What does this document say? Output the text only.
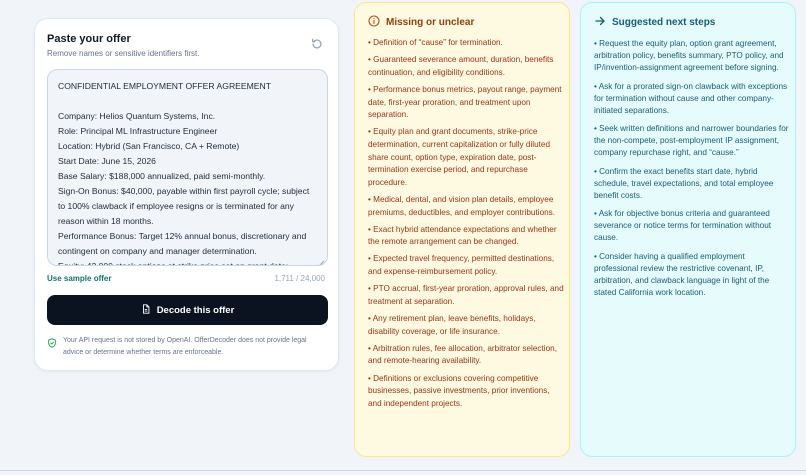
Paste your offer

Remove names or sensitive identifiers first.

CONFIDENTIAL EMPLOYMENT OFFER AGREEMENT Company: Helios Quantum Systems, Inc. Role: Principal ML Infrastructure Engineer Location: Hybrid (San Francisco, CA + Remote) Start Date: June 15, 2026 Base Salary: $188,000 annualized, paid semi-monthly. Sign-On Bonus: $40,000, payable within first payroll cycle; subject to 100% clawback if employee resigns or is terminated for any reason within 18 months. Performance Bonus: Target 12% annual bonus, discretionary and contingent on company and manager determination. Equity: 42,000 stock options at strike price set on grant date;
Use sample offer	1,711 / 24,000
Decode this offer

Your API request is not stored by OpenAI. OfferDecoder does not provide legal advice or determine whether terms are enforceable.

Missing or unclear
• Definition of “cause” for termination.
• Guaranteed severance amount, duration, benefits continuation, and eligibility conditions.
• Performance bonus metrics, payout range, payment date, first-year proration, and treatment upon separation.
• Equity plan and grant documents, strike-price determination, current capitalization or fully diluted share count, option type, expiration date, post-termination exercise period, and repurchase procedure.
• Medical, dental, and vision plan details, employee premiums, deductibles, and employer contributions.
• Exact hybrid attendance expectations and whether the remote arrangement can be changed.
• Expected travel frequency, permitted destinations, and expense-reimbursement policy.
• PTO accrual, first-year proration, approval rules, and treatment at separation.
• Any retirement plan, leave benefits, holidays, disability coverage, or life insurance.
• Arbitration rules, fee allocation, arbitrator selection, and remote-hearing availability.
• Definitions or exclusions covering competitive businesses, passive investments, prior inventions, and independent projects.
Suggested next steps
• Request the equity plan, option grant agreement, arbitration policy, benefits summary, PTO policy, and IP/invention-assignment agreement before signing.
• Ask for a prorated sign-on clawback with exceptions for termination without cause and other company-initiated separations.
• Seek written definitions and narrower boundaries for the non-compete, post-employment IP assignment, company repurchase right, and “cause.”
• Confirm the exact benefits start date, hybrid schedule, travel expectations, and total employee benefit costs.
• Ask for objective bonus criteria and guaranteed severance or notice terms for termination without cause.
• Consider having a qualified employment professional review the restrictive covenant, IP, arbitration, and clawback language in light of the stated California work location.
